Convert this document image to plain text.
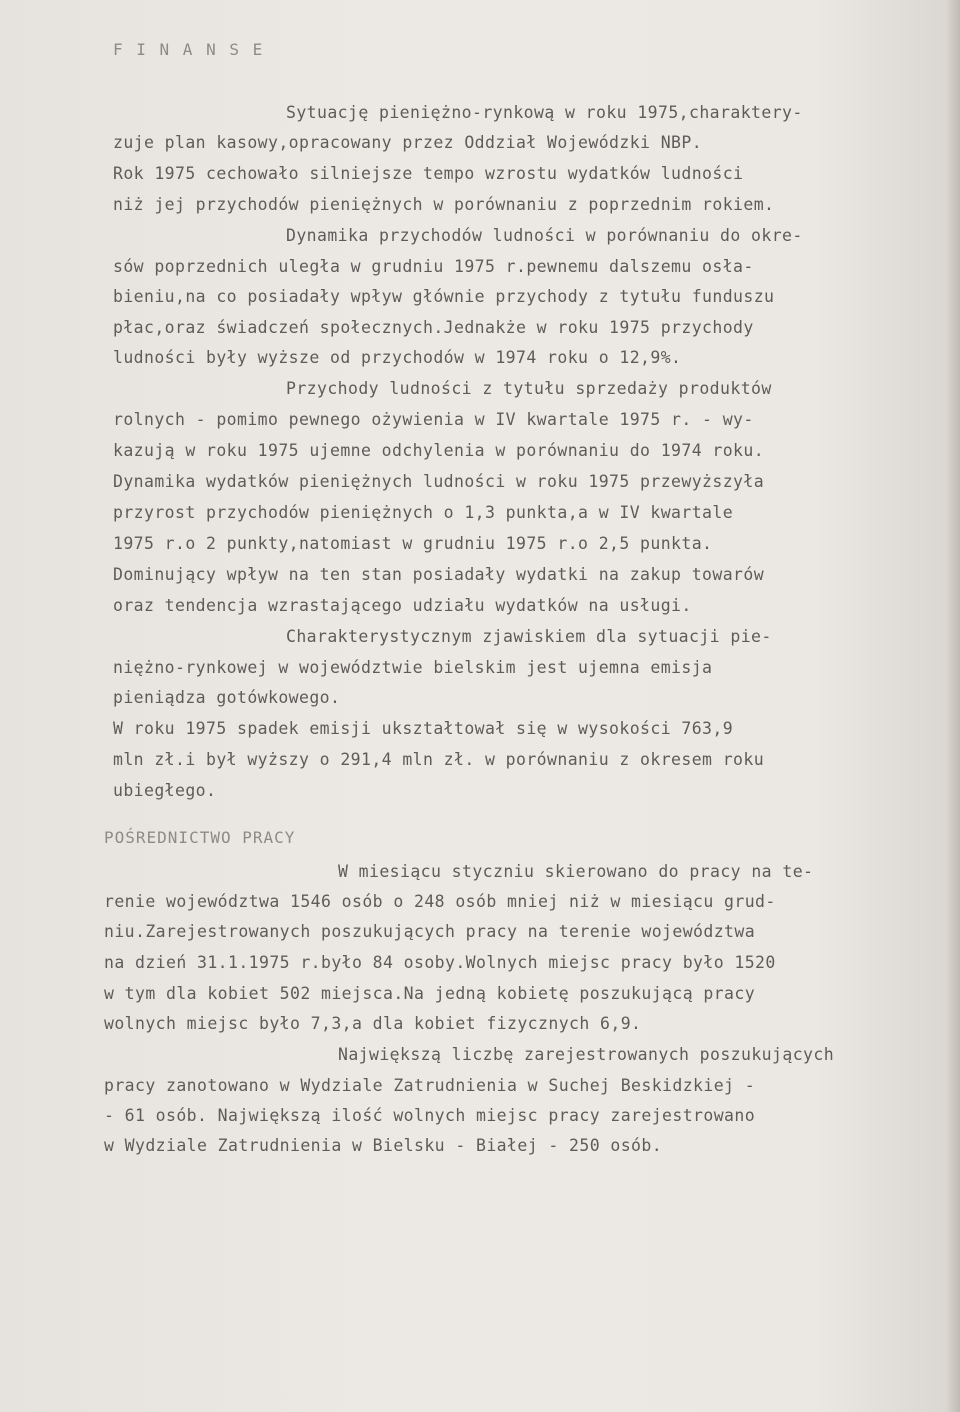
F I N A N S E
Sytuację pieniężno-rynkową w roku 1975,charaktery-
zuje plan kasowy,opracowany przez Oddział Wojewódzki NBP.
Rok 1975 cechowało silniejsze tempo wzrostu wydatków ludności
niż jej przychodów pieniężnych w porównaniu z poprzednim rokiem.
Dynamika przychodów ludności w porównaniu do okre-
sów poprzednich uległa w grudniu 1975 r.pewnemu dalszemu osła-
bieniu,na co posiadały wpływ głównie przychody z tytułu funduszu
płac,oraz świadczeń społecznych.Jednakże w roku 1975 przychody
ludności były wyższe od przychodów w 1974 roku o 12,9%.
Przychody ludności z tytułu sprzedaży produktów
rolnych - pomimo pewnego ożywienia w IV kwartale 1975 r. - wy-
kazują w roku 1975 ujemne odchylenia w porównaniu do 1974 roku.
Dynamika wydatków pieniężnych ludności w roku 1975 przewyższyła
przyrost przychodów pieniężnych o 1,3 punkta,a w IV kwartale
1975 r.o 2 punkty,natomiast w grudniu 1975 r.o 2,5 punkta.
Dominujący wpływ na ten stan posiadały wydatki na zakup towarów
oraz tendencja wzrastającego udziału wydatków na usługi.
Charakterystycznym zjawiskiem dla sytuacji pie-
niężno-rynkowej w województwie bielskim jest ujemna emisja
pieniądza gotówkowego.
W roku 1975 spadek emisji ukształtował się w wysokości 763,9
mln zł.i był wyższy o 291,4 mln zł. w porównaniu z okresem roku
ubiegłego.
POŚREDNICTWO PRACY
W miesiącu styczniu skierowano do pracy na te-
renie województwa 1546 osób o 248 osób mniej niż w miesiącu grud-
niu.Zarejestrowanych poszukujących pracy na terenie województwa
na dzień 31.1.1975 r.było 84 osoby.Wolnych miejsc pracy było 1520
w tym dla kobiet 502 miejsca.Na jedną kobietę poszukującą pracy
wolnych miejsc było 7,3,a dla kobiet fizycznych 6,9.
Największą liczbę zarejestrowanych poszukujących
pracy zanotowano w Wydziale Zatrudnienia w Suchej Beskidzkiej -
- 61 osób. Największą ilość wolnych miejsc pracy zarejestrowano
w Wydziale Zatrudnienia w Bielsku - Białej - 250 osób.
